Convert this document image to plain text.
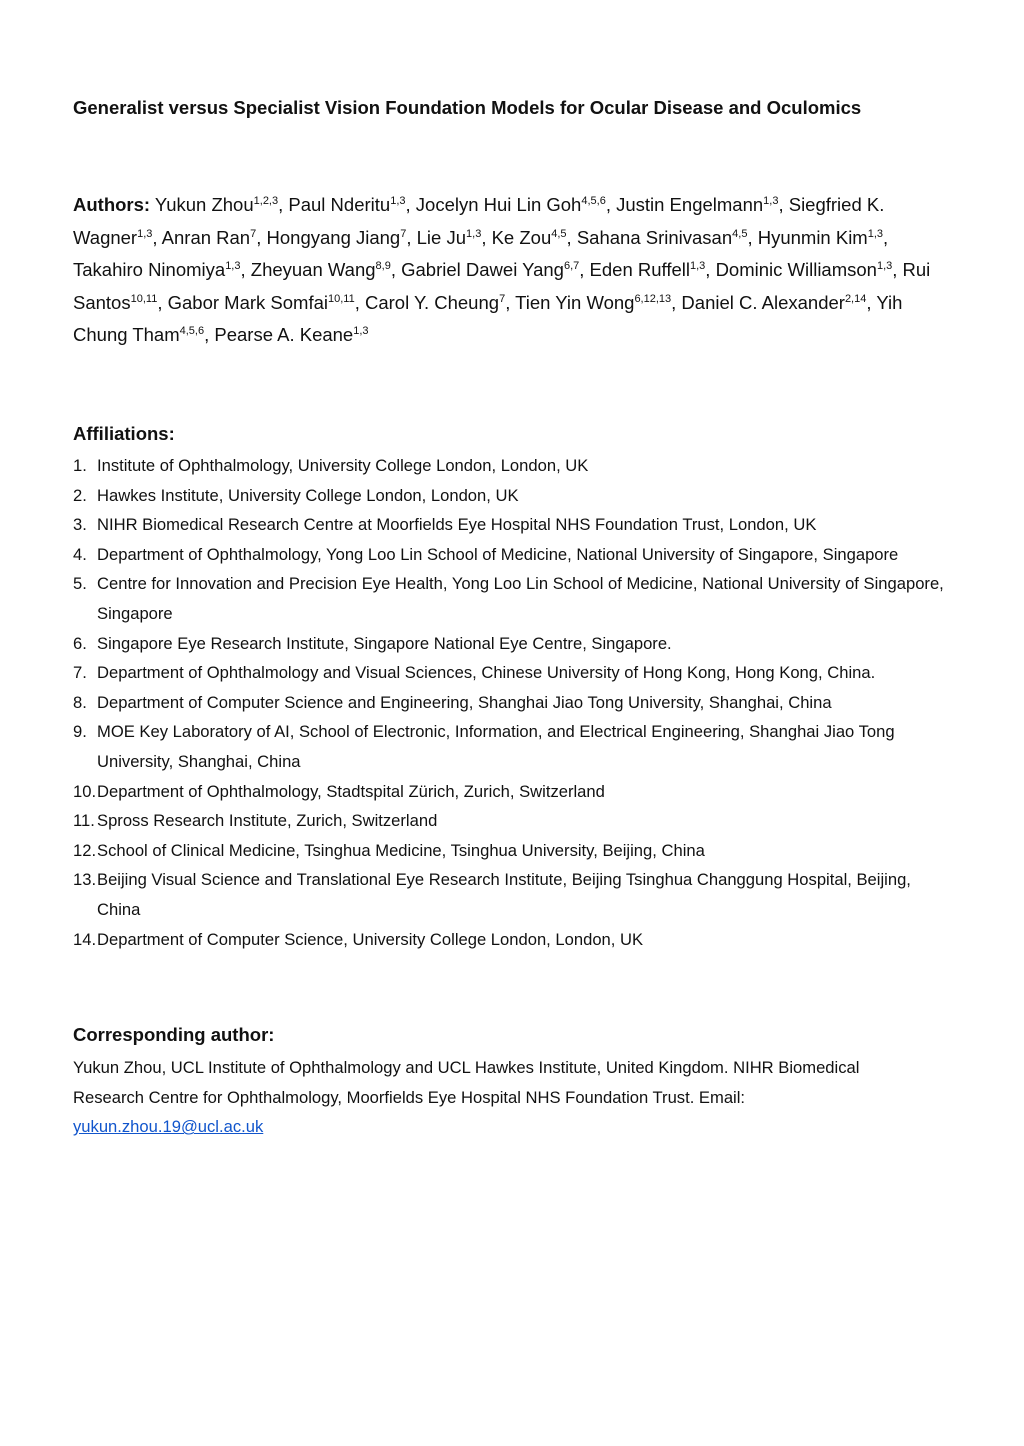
Generalist versus Specialist Vision Foundation Models for Ocular Disease and Oculomics
Authors: Yukun Zhou$^{1,2,3}$, Paul Nderitu$^{1,3}$, Jocelyn Hui Lin Goh$^{4,5,6}$, Justin Engelmann$^{1,3}$, Siegfried K. Wagner$^{1,3}$, Anran Ran$^7$, Hongyang Jiang$^7$, Lie Ju$^{1,3}$, Ke Zou$^{4,5}$, Sahana Srinivasan$^{4,5}$, Hyunmin Kim$^{1,3}$, Takahiro Ninomiya$^{1,3}$, Zheyuan Wang$^{8,9}$, Gabriel Dawei Yang$^{6,7}$, Eden Ruffell$^{1,3}$, Dominic Williamson$^{1,3}$, Rui Santos$^{10,11}$, Gabor Mark Somfai$^{10,11}$, Carol Y. Cheung$^7$, Tien Yin Wong$^{6,12,13}$, Daniel C. Alexander$^{2,14}$, Yih Chung Tham$^{4,5,6}$, Pearse A. Keane$^{1,3}$
Affiliations:
1. Institute of Ophthalmology, University College London, London, UK
2. Hawkes Institute, University College London, London, UK
3. NIHR Biomedical Research Centre at Moorfields Eye Hospital NHS Foundation Trust, London, UK
4. Department of Ophthalmology, Yong Loo Lin School of Medicine, National University of Singapore, Singapore
5. Centre for Innovation and Precision Eye Health, Yong Loo Lin School of Medicine, National University of Singapore, Singapore
6. Singapore Eye Research Institute, Singapore National Eye Centre, Singapore.
7. Department of Ophthalmology and Visual Sciences, Chinese University of Hong Kong, Hong Kong, China.
8. Department of Computer Science and Engineering, Shanghai Jiao Tong University, Shanghai, China
9. MOE Key Laboratory of AI, School of Electronic, Information, and Electrical Engineering, Shanghai Jiao Tong University, Shanghai, China
10. Department of Ophthalmology, Stadtspital Zürich, Zurich, Switzerland
11. Spross Research Institute, Zurich, Switzerland
12. School of Clinical Medicine, Tsinghua Medicine, Tsinghua University, Beijing, China
13. Beijing Visual Science and Translational Eye Research Institute, Beijing Tsinghua Changgung Hospital, Beijing, China
14. Department of Computer Science, University College London, London, UK
Corresponding author:
Yukun Zhou, UCL Institute of Ophthalmology and UCL Hawkes Institute, United Kingdom. NIHR Biomedical Research Centre for Ophthalmology, Moorfields Eye Hospital NHS Foundation Trust. Email:
yukun.zhou.19@ucl.ac.uk
